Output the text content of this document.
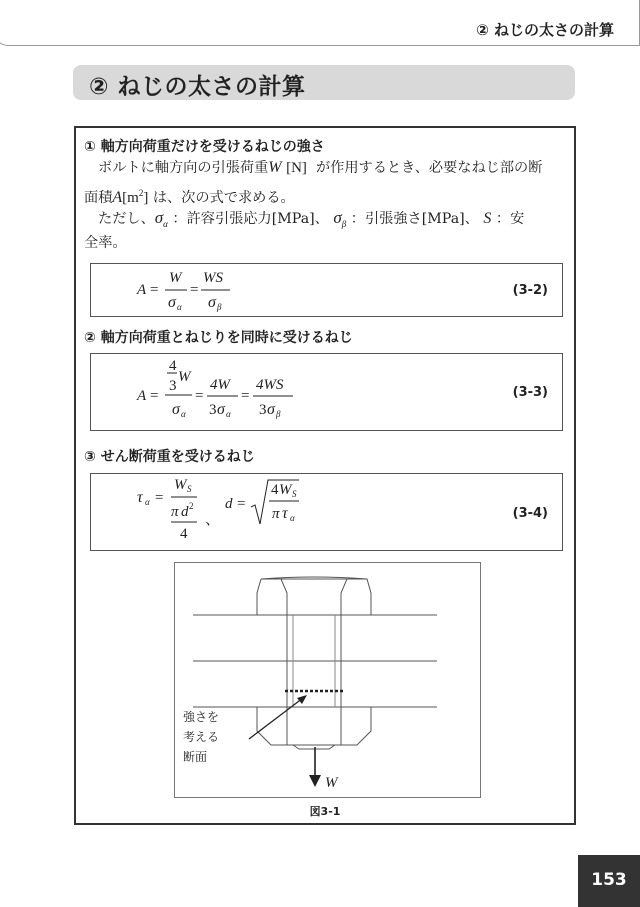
② ねじの太さの計算
② ねじの太さの計算
① 軸方向荷重だけを受けるねじの強さ
ボルトに軸方向の引張荷重W [N] が作用するとき、必要なねじ部の断
面積$A[m^2]$ は、次の式で求める。
ただし、$\sigma_\alpha$ ：許容引張応力[MPa]、 $\sigma_\beta$ ：引張強さ[MPa]、 S ：安
全率。
A =
W
σ α
=
WS
σ β
(3-2)
② 軸方向荷重とねじりを同時に受けるねじ
A =
4
3
W
σ α
=
4W
3 σ α
=
4WS
3 σ β
(3-3)
③ せん断荷重を受けるねじ
τ α =
W S
π d 2
4
、
d =
4 W S
π τ α	(3-4)
強さを
考える
断面
W
図3-1
153
